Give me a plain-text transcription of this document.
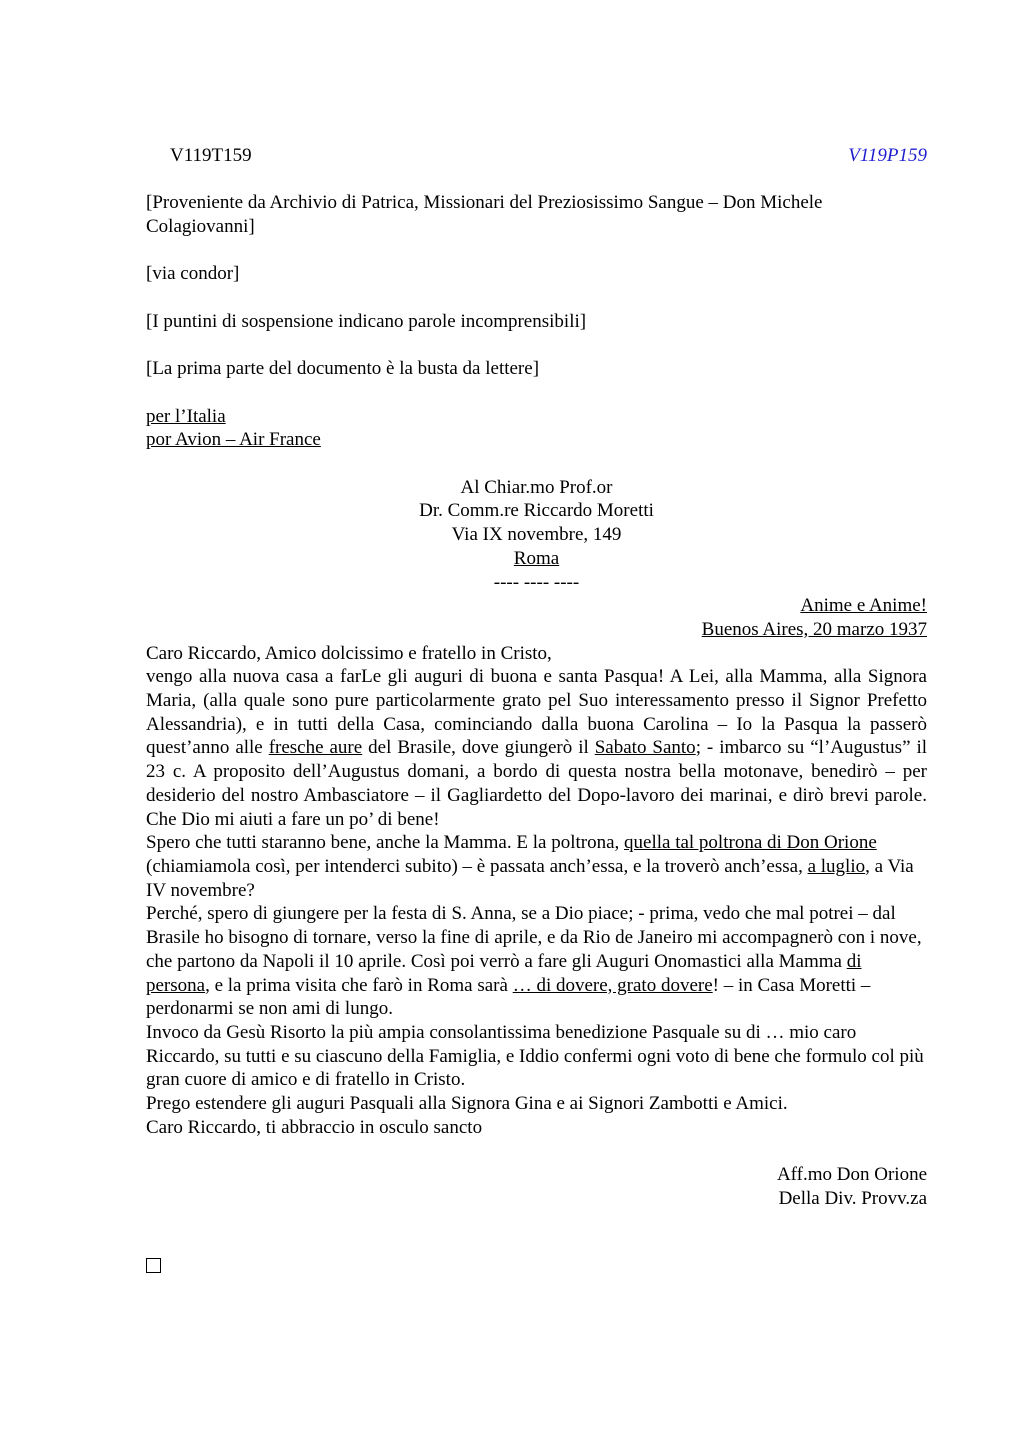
V119T159	V119P159

[Proveniente da Archivio di Patrica, Missionari del Preziosissimo Sangue – Don Michele Colagiovanni]

[via condor]

[I puntini di sospensione indicano parole incomprensibili]

[La prima parte del documento è la busta da lettere]

per l’Italia

por Avion – Air France

Al Chiar.mo Prof.or

Dr. Comm.re Riccardo Moretti

Via IX novembre, 149

Roma

---- ---- ----

Anime e Anime!

Buenos Aires, 20 marzo 1937

Caro Riccardo, Amico dolcissimo e fratello in Cristo,

vengo alla nuova casa a farLe gli auguri di buona e santa Pasqua! A Lei, alla Mamma, alla Signora Maria, (alla quale sono pure particolarmente grato pel Suo interessamento presso il Signor Prefetto Alessandria), e in tutti della Casa, cominciando dalla buona Carolina – Io la Pasqua la passerò quest’anno alle fresche aure del Brasile, dove giungerò il Sabato Santo; - imbarco su “l’Augustus” il 23 c. A proposito dell’Augustus domani, a bordo di questa nostra bella motonave, benedirò – per desiderio del nostro Ambasciatore – il Gagliardetto del Dopo-lavoro dei marinai, e dirò brevi parole. Che Dio mi aiuti a fare un po’ di bene!

Spero che tutti staranno bene, anche la Mamma. E la poltrona, quella tal poltrona di Don Orione (chiamiamola così, per intenderci subito) – è passata anch’essa, e la troverò anch’essa, a luglio, a Via IV novembre?

Perché, spero di giungere per la festa di S. Anna, se a Dio piace; - prima, vedo che mal potrei – dal Brasile ho bisogno di tornare, verso la fine di aprile, e da Rio de Janeiro mi accompagnerò con i nove, che partono da Napoli il 10 aprile. Così poi verrò a fare gli Auguri Onomastici alla Mamma di persona, e la prima visita che farò in Roma sarà … di dovere, grato dovere! – in Casa Moretti – perdonarmi se non ami di lungo.

Invoco da Gesù Risorto la più ampia consolantissima benedizione Pasquale su di … mio caro Riccardo, su tutti e su ciascuno della Famiglia, e Iddio confermi ogni voto di bene che formulo col più gran cuore di amico e di fratello in Cristo.

Prego estendere gli auguri Pasquali alla Signora Gina e ai Signori Zambotti e Amici.

Caro Riccardo, ti abbraccio in osculo sancto

Aff.mo Don Orione

Della Div. Provv.za
